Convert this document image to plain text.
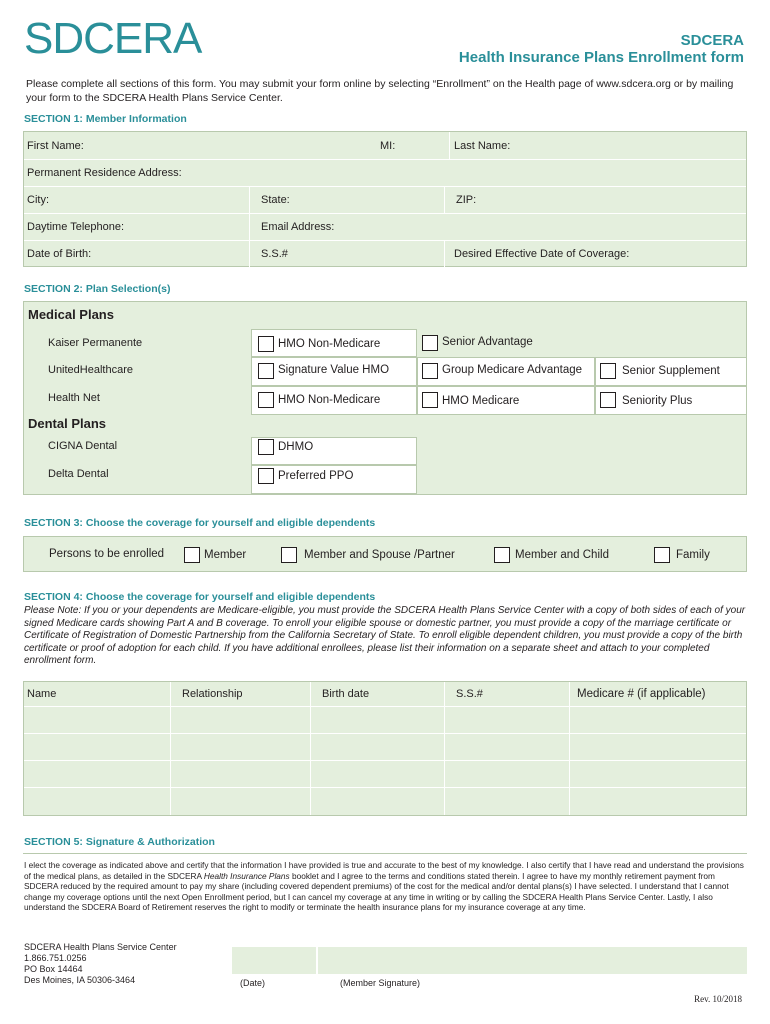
SDCERA	SDCERA
Health Insurance Plans Enrollment form
Please complete all sections of this form. You may submit your form online by selecting “Enrollment” on the Health page of www.sdcera.org or by mailing your form to the SDCERA Health Plans Service Center.
SECTION 1: Member Information
First Name:	MI:	Last Name:
Permanent Residence Address:
City:	State:	ZIP:
Daytime Telephone:	Email Address:
Date of Birth:	S.S.#	Desired Effective Date of Coverage:
SECTION 2: Plan Selection(s)
Medical Plans
Kaiser Permanente	HMO Non-Medicare	Senior Advantage
UnitedHealthcare	Signature Value HMO	Group Medicare Advantage	Senior Supplement
Health Net	HMO Non-Medicare	HMO Medicare	Seniority Plus
Dental Plans
CIGNA Dental	DHMO
Delta Dental	Preferred PPO
SECTION 3: Choose the coverage for yourself and eligible dependents
Persons to be enrolled	Member	Member and Spouse /Partner	Member and Child	Family
SECTION 4: Choose the coverage for yourself and eligible dependents
Please Note: If you or your dependents are Medicare-eligible, you must provide the SDCERA Health Plans Service Center with a copy of both sides of each of your signed Medicare cards showing Part A and B coverage. To enroll your eligible spouse or domestic partner, you must provide a copy of the marriage certificate or Certificate of Registration of Domestic Partnership from the California Secretary of State. To enroll eligible dependent children, you must provide a copy of the birth certificate or proof of adoption for each child. If you have additional enrollees, please list their information on a separate sheet and attach to your completed enrollment form.
Name	Relationship	Birth date	S.S.#	Medicare # (if applicable)
SECTION 5: Signature & Authorization
I elect the coverage as indicated above and certify that the information I have provided is true and accurate to the best of my knowledge. I also certify that I have read and understand the provisions of the medical plans, as detailed in the SDCERA Health Insurance Plans booklet and I agree to the terms and conditions stated therein. I agree to have my monthly retirement payment from SDCERA reduced by the required amount to pay my share (including covered dependent premiums) of the cost for the medical and/or dental plans(s) I have selected. I understand that I cannot change my coverage options until the next Open Enrollment period, but I can cancel my coverage at any time in writing or by calling the SDCERA Health Plans Service Center. Lastly, I also understand the SDCERA Board of Retirement reserves the right to modify or terminate the health insurance plans for my insurance coverage at any time.
SDCERA Health Plans Service Center
1.866.751.0256
PO Box 14464
Des Moines, IA 50306-3464	(Date)	(Member Signature)
Rev. 10/2018
